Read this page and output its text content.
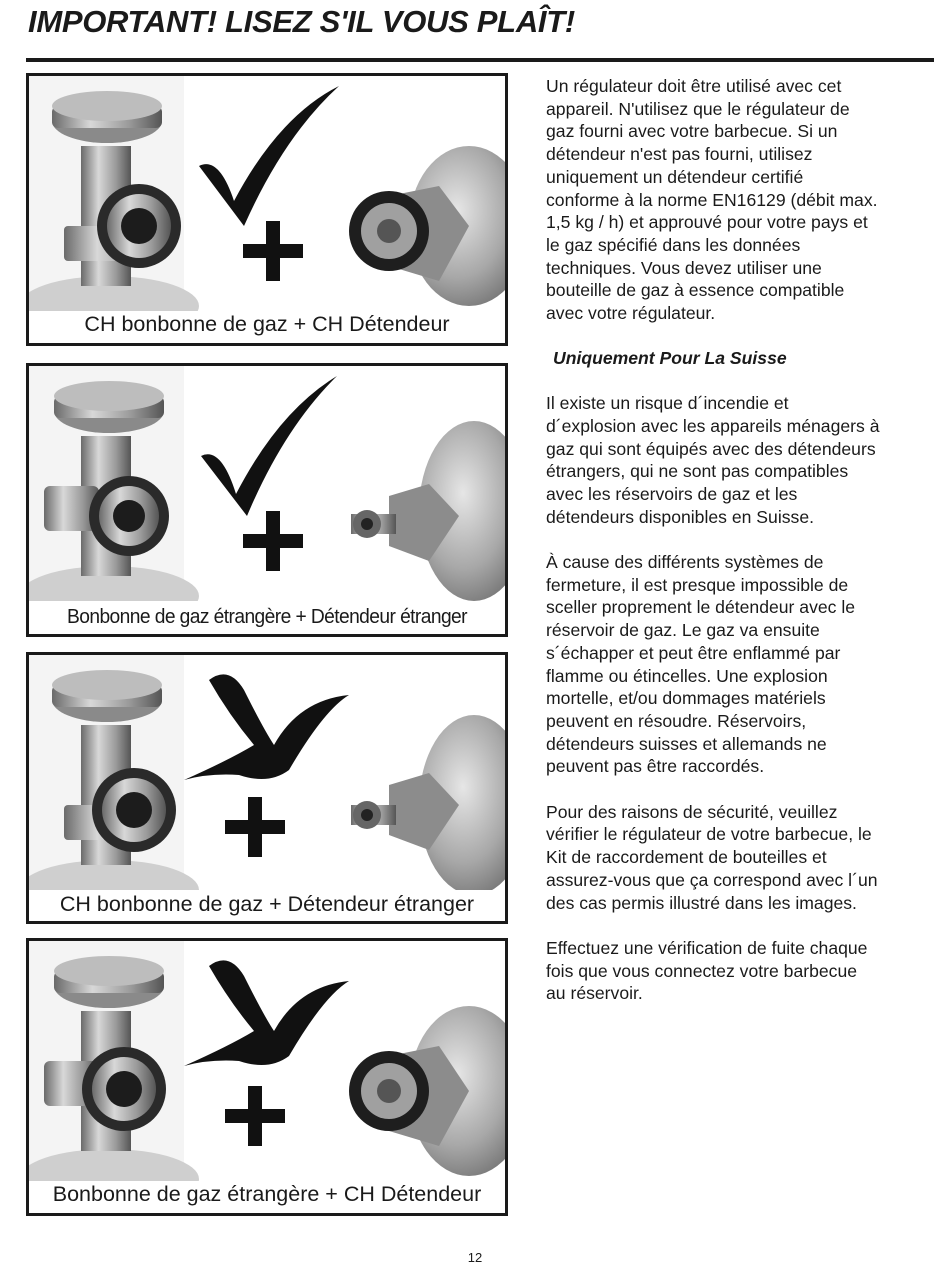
IMPORTANT! LISEZ S'IL VOUS PLAÎT!
CH bonbonne de gaz + CH Détendeur
Bonbonne de gaz étrangère + Détendeur étranger
CH bonbonne de gaz + Détendeur étranger
Bonbonne de gaz étrangère + CH Détendeur

Un régulateur doit être utilisé avec cet
appareil. N'utilisez que le régulateur de
gaz fourni avec votre barbecue. Si un
détendeur n'est pas fourni, utilisez
uniquement un détendeur certifié
conforme à la norme EN16129 (débit max.
1,5 kg / h) et approuvé pour votre pays et
le gaz spécifié dans les données
techniques. Vous devez utiliser une
bouteille de gaz à essence compatible
avec votre régulateur.

Uniquement Pour La Suisse

Il existe un risque d´incendie et
d´explosion avec les appareils ménagers à
gaz qui sont équipés avec des détendeurs
étrangers, qui ne sont pas compatibles
avec les réservoirs de gaz et les
détendeurs disponibles en Suisse.

À cause des différents systèmes de
fermeture, il est presque impossible de
sceller proprement le détendeur avec le
réservoir de gaz. Le gaz va ensuite
s´échapper et peut être enflammé par
flamme ou étincelles. Une explosion
mortelle, et/ou dommages matériels
peuvent en résoudre. Réservoirs,
détendeurs suisses et allemands ne
peuvent pas être raccordés.

Pour des raisons de sécurité, veuillez
vérifier le régulateur de votre barbecue, le
Kit de raccordement de bouteilles et
assurez-vous que ça correspond avec l´un
des cas permis illustré dans les images.

Effectuez une vérification de fuite chaque
fois que vous connectez votre barbecue
au réservoir.

12
